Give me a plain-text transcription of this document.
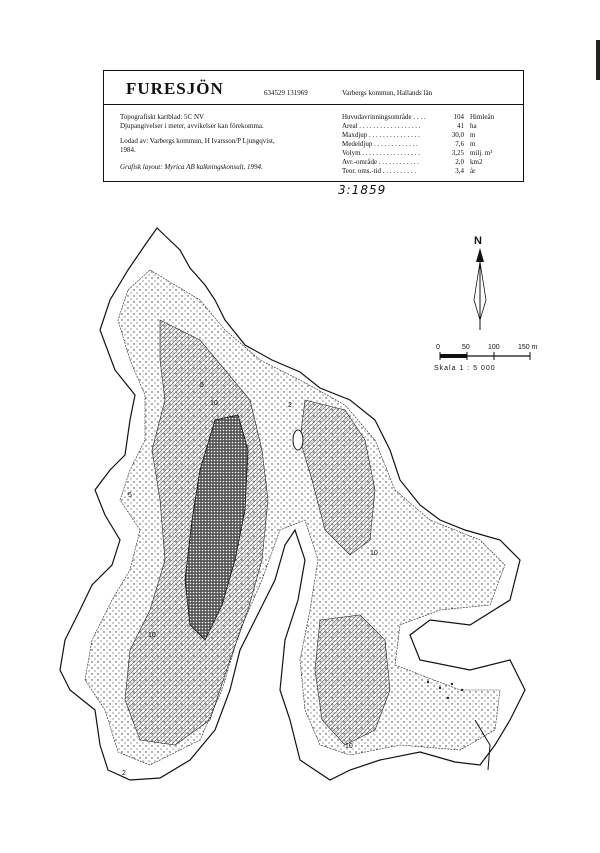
FURESJÖN	634529 131969	Varbergs kommun, Hallands län
Topografiskt kartblad: 5C NV
Djupangivelser i meter, avvikelser kan förekomma.
Lodad av: Varbergs kommun, H Ivarsson/P Ljungqvist,
1984.
Grafisk layout: Myrica AB kalkningskonsult, 1994.
Huvudavrinningsområde . . . .	104 Himleån
Areal . . . . . . . . . . . . . . . . . .	41 ha
Maxdjup . . . . . . . . . . . . . . .	30,0 m
Medeldjup . . . . . . . . . . . . .	7,6 m
Volym . . . . . . . . . . . . . . . . .	3,25 milj. m³
Avr.-område . . . . . . . . . . . .	2,0 km2
Teor. oms.-tid . . . . . . . . . .	3,4 år
3:1859
N
0	50	100	150 m
Skala 1 : 5 000
5
2
10
5
10
10
10
2
